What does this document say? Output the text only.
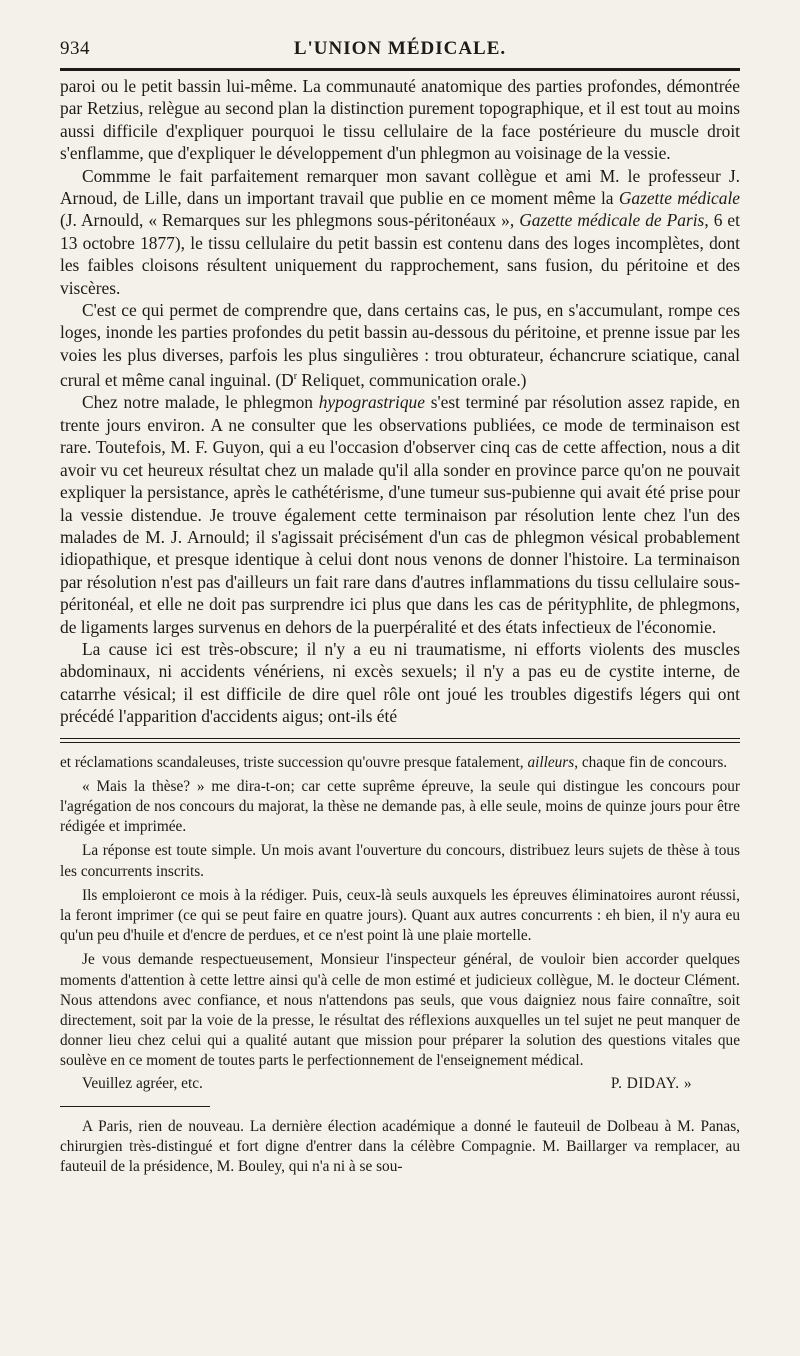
934	L'UNION MÉDICALE.

paroi ou le petit bassin lui-même. La communauté anatomique des parties profondes, démontrée par Retzius, relègue au second plan la distinction purement topographique, et il est tout au moins aussi difficile d'expliquer pourquoi le tissu cellulaire de la face postérieure du muscle droit s'enflamme, que d'expliquer le développement d'un phlegmon au voisinage de la vessie.

Commme le fait parfaitement remarquer mon savant collègue et ami M. le professeur J. Arnoud, de Lille, dans un important travail que publie en ce moment même la Gazette médicale (J. Arnould, « Remarques sur les phlegmons sous-péritonéaux », Gazette médicale de Paris, 6 et 13 octobre 1877), le tissu cellulaire du petit bassin est contenu dans des loges incomplètes, dont les faibles cloisons résultent uniquement du rapprochement, sans fusion, du péritoine et des viscères.

C'est ce qui permet de comprendre que, dans certains cas, le pus, en s'accumulant, rompe ces loges, inonde les parties profondes du petit bassin au-dessous du péritoine, et prenne issue par les voies les plus diverses, parfois les plus singulières : trou obturateur, échancrure sciatique, canal crural et même canal inguinal. ($D^r$ Reliquet, communication orale.)

Chez notre malade, le phlegmon hypograstrique s'est terminé par résolution assez rapide, en trente jours environ. A ne consulter que les observations publiées, ce mode de terminaison est rare. Toutefois, M. F. Guyon, qui a eu l'occasion d'observer cinq cas de cette affection, nous a dit avoir vu cet heureux résultat chez un malade qu'il alla sonder en province parce qu'on ne pouvait expliquer la persistance, après le cathétérisme, d'une tumeur sus-pubienne qui avait été prise pour la vessie distendue. Je trouve également cette terminaison par résolution lente chez l'un des malades de M. J. Arnould; il s'agissait précisément d'un cas de phlegmon vésical probablement idiopathique, et presque identique à celui dont nous venons de donner l'histoire. La terminaison par résolution n'est pas d'ailleurs un fait rare dans d'autres inflammations du tissu cellulaire sous-péritonéal, et elle ne doit pas surprendre ici plus que dans les cas de pérityphlite, de phlegmons, de ligaments larges survenus en dehors de la puerpéralité et des états infectieux de l'économie.

La cause ici est très-obscure; il n'y a eu ni traumatisme, ni efforts violents des muscles abdominaux, ni accidents vénériens, ni excès sexuels; il n'y a pas eu de cystite interne, de catarrhe vésical; il est difficile de dire quel rôle ont joué les troubles digestifs légers qui ont précédé l'apparition d'accidents aigus; ont-ils été

et réclamations scandaleuses, triste succession qu'ouvre presque fatalement, ailleurs, chaque fin de concours.

« Mais la thèse? » me dira-t-on; car cette suprême épreuve, la seule qui distingue les concours pour l'agrégation de nos concours du majorat, la thèse ne demande pas, à elle seule, moins de quinze jours pour être rédigée et imprimée.

La réponse est toute simple. Un mois avant l'ouverture du concours, distribuez leurs sujets de thèse à tous les concurrents inscrits.

Ils emploieront ce mois à la rédiger. Puis, ceux-là seuls auxquels les épreuves éliminatoires auront réussi, la feront imprimer (ce qui se peut faire en quatre jours). Quant aux autres concurrents : eh bien, il n'y aura eu qu'un peu d'huile et d'encre de perdues, et ce n'est point là une plaie mortelle.

Je vous demande respectueusement, Monsieur l'inspecteur général, de vouloir bien accorder quelques moments d'attention à cette lettre ainsi qu'à celle de mon estimé et judicieux collègue, M. le docteur Clément. Nous attendons avec confiance, et nous n'attendons pas seuls, que vous daigniez nous faire connaître, soit directement, soit par la voie de la presse, le résultat des réflexions auxquelles un tel sujet ne peut manquer de donner lieu chez celui qui a qualité autant que mission pour préparer la solution des questions vitales que soulève en ce moment de toutes parts le perfectionnement de l'enseignement médical.

Veuillez agréer, etc.	P. DIDAY. »

A Paris, rien de nouveau. La dernière élection académique a donné le fauteuil de Dolbeau à M. Panas, chirurgien très-distingué et fort digne d'entrer dans la célèbre Compagnie. M. Baillarger va remplacer, au fauteuil de la présidence, M. Bouley, qui n'a ni à se sou-
